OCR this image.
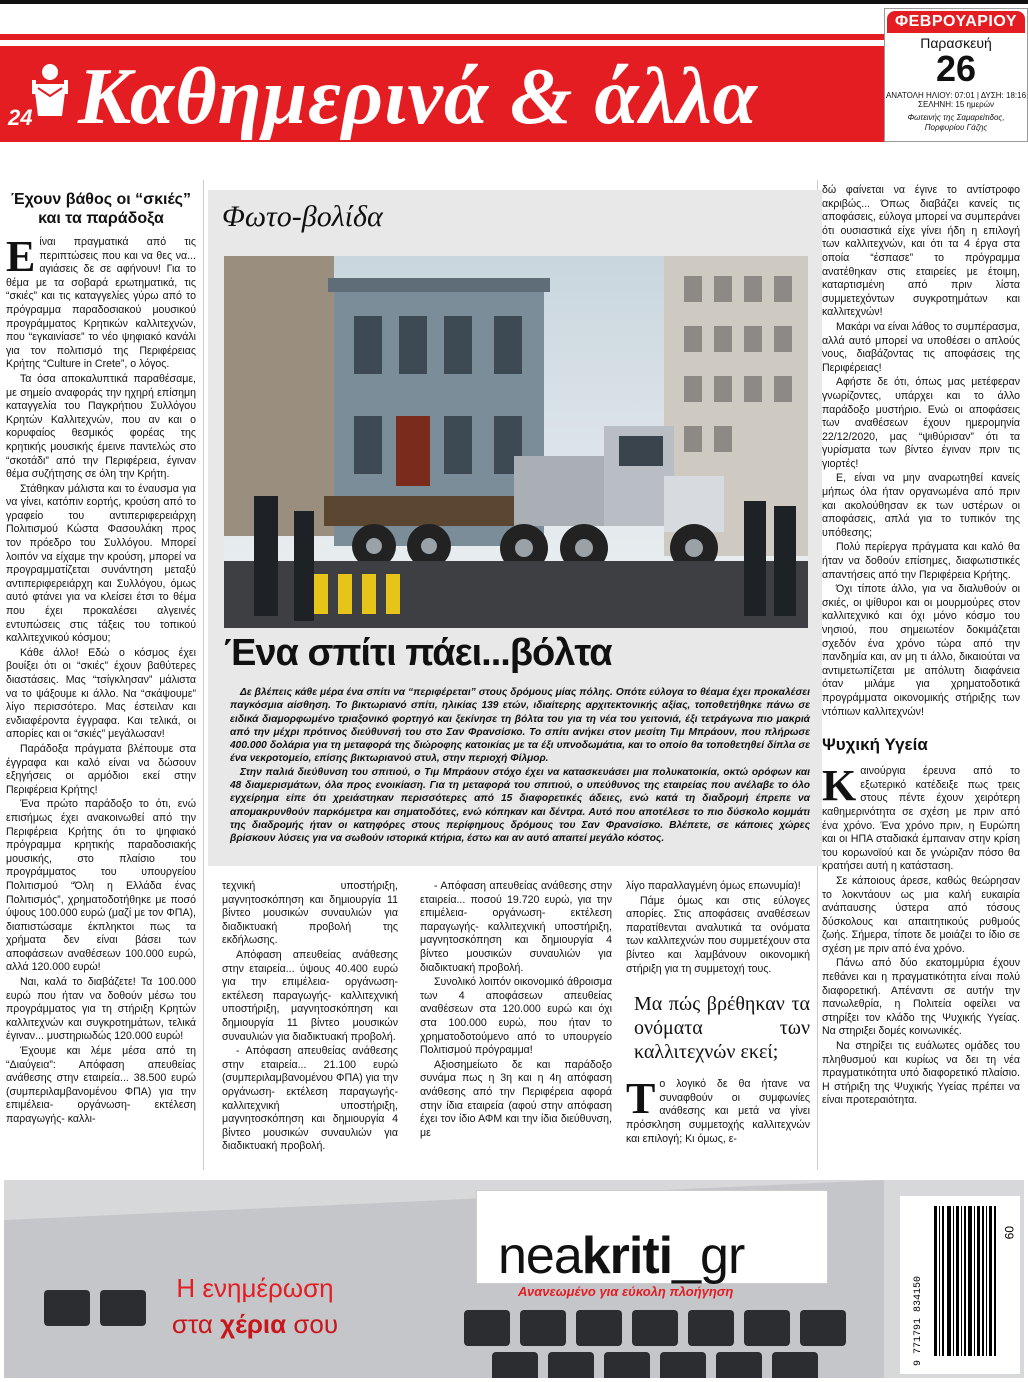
24 Καθημερινά & άλλα
ΦΕΒΡΟΥΑΡΙΟΥ
Παρασκευή
26
ΑΝΑΤΟΛΗ ΗΛΙΟΥ: 07:01 | ΔΥΣΗ: 18:16
ΣΕΛΗΝΗ: 15 ημερών
Φωτεινής της Σαμαρείτιδος, Πορφυρίου Γάζης
Έχουν βάθος οι “σκιές” και τα παράδοξα

Είναι πραγματικά από τις περιπτώσεις που και να θες να... αγιάσεις δε σε αφήνουν! Για το θέμα με τα σοβαρά ερωτηματικά, τις “σκιές” και τις καταγγελίες γύρω από το πρόγραμμα παραδοσιακού μουσικού προγράμματος Κρητικών καλλιτεχνών, που “εγκαινίασε” το νέο ψηφιακό κανάλι για τον πολιτισμό της Περιφέρειας Κρήτης “Culture in Crete”, ο λόγος.

Τα όσα αποκαλυπτικά παραθέσαμε, με σημείο αναφοράς την ηχηρή επίσημη καταγγελία του Παγκρήτιου Συλλόγου Κρητών Καλλιτεχνών, που αν και ο κορυφαίος θεσμικός φορέας της κρητικής μουσικής έμεινε παντελώς στο “σκοτάδι” από την Περιφέρεια, έγιναν θέμα συζήτησης σε όλη την Κρήτη.

Στάθηκαν μάλιστα και το έναυσμα για να γίνει, κατόπιν εορτής, κρούση από το γραφείο του αντιπεριφερειάρχη Πολιτισμού Κώστα Φασουλάκη προς τον πρόεδρο του Συλλόγου. Μπορεί λοιπόν να είχαμε την κρούση, μπορεί να προγραμματίζεται συνάντηση μεταξύ αντιπεριφερειάρχη και Συλλόγου, όμως αυτό φτάνει για να κλείσει έτσι το θέμα που έχει προκαλέσει αλγεινές εντυπώσεις στις τάξεις του τοπικού καλλιτεχνικού κόσμου;

Κάθε άλλο! Εδώ ο κόσμος έχει βουίξει ότι οι “σκιές” έχουν βαθύτερες διαστάσεις. Μας “τσίγκλησαν” μάλιστα να το ψάξουμε κι άλλο. Να “σκάψουμε” λίγο περισσότερο. Μας έστειλαν και ενδιαφέροντα έγγραφα. Και τελικά, οι απορίες και οι “σκιές” μεγάλωσαν!

Παράδοξα πράγματα βλέπουμε στα έγγραφα και καλό είναι να δώσουν εξηγήσεις οι αρμόδιοι εκεί στην Περιφέρεια Κρήτης!

Ένα πρώτο παράδοξο το ότι, ενώ επισήμως έχει ανακοινωθεί από την Περιφέρεια Κρήτης ότι το ψηφιακό πρόγραμμα κρητικής παραδοσιακής μουσικής, στο πλαίσιο του προγράμματος του υπουργείου Πολιτισμού “Όλη η Ελλάδα ένας Πολιτισμός”, χρηματοδοτήθηκε με ποσό ύψους 100.000 ευρώ (μαζί με τον ΦΠΑ), διαπιστώσαμε έκπληκτοι πως τα χρήματα δεν είναι βάσει των αποφάσεων αναθέσεων 100.000 ευρώ, αλλά 120.000 ευρώ!

Ναι, καλά το διαβάζετε! Τα 100.000 ευρώ που ήταν να δοθούν μέσω του προγράμματος για τη στήριξη Κρητών καλλιτεχνών και συγκροτημάτων, τελικά έγιναν... μυστηριωδώς 120.000 ευρώ!

Έχουμε και λέμε μέσα από τη “Διαύγεια”: Απόφαση απευθείας ανάθεσης στην εταιρεία... 38.500 ευρώ (συμπεριλαμβανομένου ΦΠΑ) για την επιμέλεια- οργάνωση- εκτέλεση παραγωγής- καλλι-

Φωτο-βολίδα
Ένα σπίτι πάει...βόλτα

Δε βλέπεις κάθε μέρα ένα σπίτι να “περιφέρεται” στους δρόμους μίας πόλης. Οπότε εύλογα το θέαμα έχει προκαλέσει παγκόσμια αίσθηση. Το βικτωριανό σπίτι, ηλικίας 139 ετών, ιδιαίτερης αρχιτεκτονικής αξίας, τοποθετήθηκε πάνω σε ειδικά διαμορφωμένο τριαξονικό φορτηγό και ξεκίνησε τη βόλτα του για τη νέα του γειτονιά, έξι τετράγωνα πιο μακριά από την μέχρι πρότινος διεύθυνσή του στο Σαν Φρανσίσκο. Το σπίτι ανήκει στον μεσίτη Τιμ Μπράουν, που πλήρωσε 400.000 δολάρια για τη μεταφορά της διώροφης κατοικίας με τα έξι υπνοδωμάτια, και το οποίο θα τοποθετηθεί δίπλα σε ένα νεκροτομείο, επίσης βικτωριανού στυλ, στην περιοχή Φίλμορ.

Στην παλιά διεύθυνση του σπιτιού, ο Τιμ Μπράουν στόχο έχει να κατασκευάσει μια πολυκατοικία, οκτώ ορόφων και 48 διαμερισμάτων, όλα προς ενοικίαση. Για τη μεταφορά του σπιτιού, ο υπεύθυνος της εταιρείας που ανέλαβε το όλο εγχείρημα είπε ότι χρειάστηκαν περισσότερες από 15 διαφορετικές άδειες, ενώ κατά τη διαδρομή έπρεπε να απομακρυνθούν παρκόμετρα και σηματοδότες, ενώ κόπηκαν και δέντρα. Αυτό που αποτέλεσε το πιο δύσκολο κομμάτι της διαδρομής ήταν οι κατηφόρες στους περίφημους δρόμους του Σαν Φρανσίσκο. Βλέπετε, σε κάποιες χώρες βρίσκουν λύσεις για να σωθούν ιστορικά κτήρια, έστω και αν αυτό απαιτεί μεγάλο κόστος.

τεχνική υποστήριξη, μαγνητοσκόπηση και δημιουργία 11 βίντεο μουσικών συναυλιών για διαδικτυακή προβολή της εκδήλωσης.

Απόφαση απευθείας ανάθεσης στην εταιρεία... ύψους 40.400 ευρώ για την επιμέλεια- οργάνωση- εκτέλεση παραγωγής- καλλιτεχνική υποστήριξη, μαγνητοσκόπηση και δημιουργία 11 βίντεο μουσικών συναυλιών για διαδικτυακή προβολή.

- Απόφαση απευθείας ανάθεσης στην εταιρεία... 21.100 ευρώ (συμπεριλαμβανομένου ΦΠΑ) για την οργάνωση- εκτέλεση παραγωγής- καλλιτεχνική υποστήριξη, μαγνητοσκόπηση και δημιουργία 4 βίντεο μουσικών συναυλιών για διαδικτυακή προβολή.

- Απόφαση απευθείας ανάθεσης στην εταιρεία... ποσού 19.720 ευρώ, για την επιμέλεια- οργάνωση- εκτέλεση παραγωγής- καλλιτεχνική υποστήριξη, μαγνητοσκόπηση και δημιουργία 4 βίντεο μουσικών συναυλιών για διαδικτυακή προβολή.

Συνολικό λοιπόν οικονομικό άθροισμα των 4 αποφάσεων απευθείας αναθέσεων στα 120.000 ευρώ και όχι στα 100.000 ευρώ, που ήταν το χρηματοδοτούμενο από το υπουργείο Πολιτισμού πρόγραμμα!

Αξιοσημείωτο δε και παράδοξο συνάμα πως η 3η και η 4η απόφαση ανάθεσης από την Περιφέρεια αφορά στην ίδια εταιρεία (αφού στην απόφαση έχει τον ίδιο ΑΦΜ και την ίδια διεύθυνση, με

λίγο παραλλαγμένη όμως επωνυμία)!

Πάμε όμως και στις εύλογες απορίες. Στις αποφάσεις αναθέσεων παρατίθενται αναλυτικά τα ονόματα των καλλιτεχνών που συμμετέχουν στα βίντεο και λαμβάνουν οικονομική στήριξη για τη συμμετοχή τους.

Μα πώς βρέθηκαν τα ονόματα των καλλιτεχνών εκεί;

Το λογικό δε θα ήτανε να συναφθούν οι συμφωνίες ανάθεσης και μετά να γίνει πρόσκληση συμμετοχής καλλιτεχνών και επιλογή; Κι όμως, ε-

δώ φαίνεται να έγινε το αντίστροφο ακριβώς... Όπως διαβάζει κανείς τις αποφάσεις, εύλογα μπορεί να συμπεράνει ότι ουσιαστικά είχε γίνει ήδη η επιλογή των καλλιτεχνών, και ότι τα 4 έργα στα οποία “έσπασε” το πρόγραμμα ανατέθηκαν στις εταιρείες με έτοιμη, καταρτισμένη από πριν λίστα συμμετεχόντων συγκροτημάτων και καλλιτεχνών!

Μακάρι να είναι λάθος το συμπέρασμα, αλλά αυτό μπορεί να υποθέσει ο απλούς νους, διαβάζοντας τις αποφάσεις της Περιφέρειας!

Αφήστε δε ότι, όπως μας μετέφεραν γνωρίζοντες, υπάρχει και το άλλο παράδοξο μυστήριο. Ενώ οι αποφάσεις των αναθέσεων έχουν ημερομηνία 22/12/2020, μας “ψιθύρισαν” ότι τα γυρίσματα των βίντεο έγιναν πριν τις γιορτές!

Ε, είναι να μην αναρωτηθεί κανείς μήπως όλα ήταν οργανωμένα από πριν και ακολούθησαν εκ των υστέρων οι αποφάσεις, απλά για το τυπικόν της υπόθεσης;

Πολύ περίεργα πράγματα και καλό θα ήταν να δοθούν επίσημες, διαφωτιστικές απαντήσεις από την Περιφέρεια Κρήτης.

Όχι τίποτε άλλο, για να διαλυθούν οι σκιές, οι ψίθυροι και οι μουρμούρες στον καλλιτεχνικό και όχι μόνο κόσμο του νησιού, που σημειωτέον δοκιμάζεται σχεδόν ένα χρόνο τώρα από την πανδημία και, αν μη τι άλλο, δικαιούται να αντιμετωπίζεται με απόλυτη διαφάνεια όταν μιλάμε για χρηματοδοτικά προγράμματα οικονομικής στήριξης των ντόπιων καλλιτεχνών!

Ψυχική Υγεία

Καινούργια έρευνα από το εξωτερικό κατέδειξε πως τρεις στους πέντε έχουν χειρότερη καθημερινότητα σε σχέση με πριν από ένα χρόνο. Ένα χρόνο πριν, η Ευρώπη και οι ΗΠΑ σταδιακά έμπαιναν στην κρίση του κορωνοϊού και δε γνώριζαν πόσο θα κρατήσει αυτή η κατάσταση.

Σε κάποιους άρεσε, καθώς θεώρησαν το λοκντάουν ως μια καλή ευκαιρία ανάπαυσης ύστερα από τόσους δύσκολους και απαιτητικούς ρυθμούς ζωής. Σήμερα, τίποτε δε μοιάζει το ίδιο σε σχέση με πριν από ένα χρόνο.

Πάνω από δύο εκατομμύρια έχουν πεθάνει και η πραγματικότητα είναι πολύ διαφορετική. Απέναντι σε αυτήν την πανωλεθρία, η Πολιτεία οφείλει να στηρίξει τον κλάδο της Ψυχικής Υγείας. Να στηριξει δομές κοινωνικές.

Να στηρίξει τις ευάλωτες ομάδες του πληθυσμού και κυρίως να δει τη νέα πραγματικότητα υπό διαφορετικό πλαίσιο. Η στήριξη της Ψυχικής Υγείας πρέπει να είναι προτεραιότητα.

neakriti_gr
Ανανεωμένο για εύκολη πλοήγηση
Η ενημέρωση
στα χέρια σου	9 771791 834150
09
